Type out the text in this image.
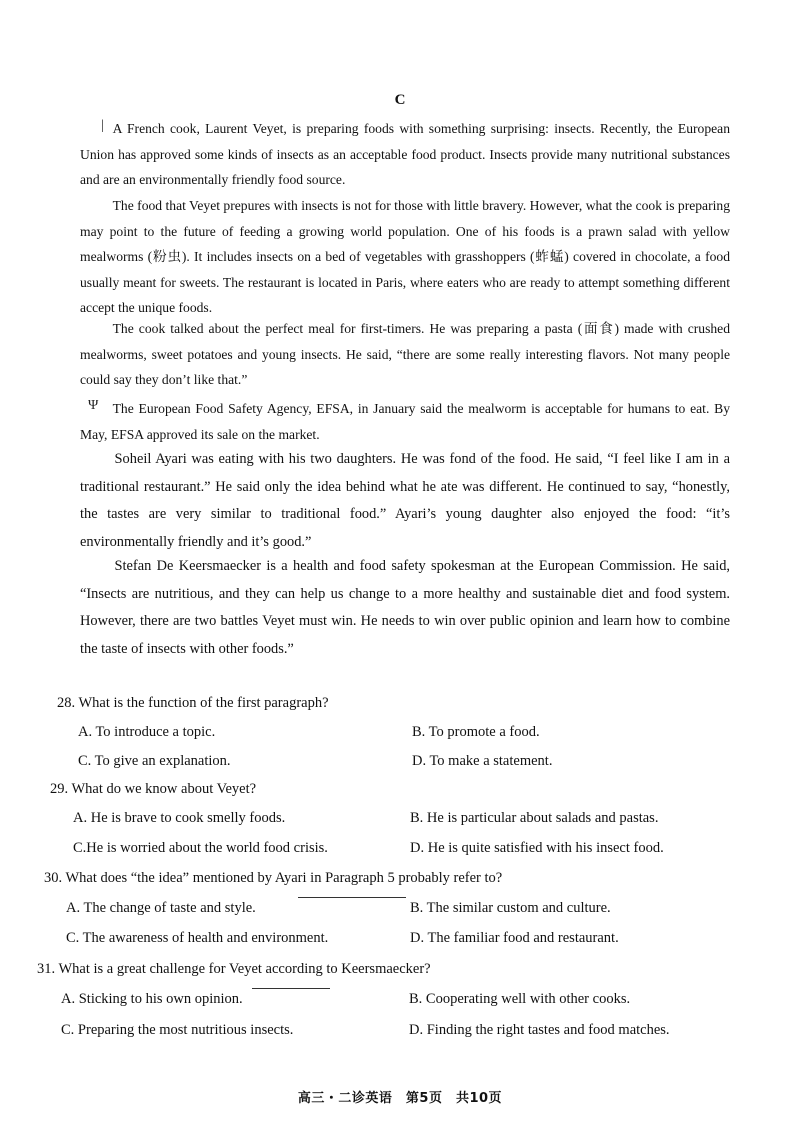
C
|
Ψ

A French cook, Laurent Veyet, is preparing foods with something surprising: insects. Recently, the European Union has approved some kinds of insects as an acceptable food product. Insects provide many nutritional substances and are an environmentally friendly food source.

The food that Veyet prepures with insects is not for those with little bravery. However, what the cook is preparing may point to the future of feeding a growing world population. One of his foods is a prawn salad with yellow mealworms (粉虫). It includes insects on a bed of vegetables with grasshoppers (蚱蜢) covered in chocolate, a food usually meant for sweets. The restaurant is located in Paris, where eaters who are ready to attempt something different accept the unique foods.

The cook talked about the perfect meal for first-timers. He was preparing a pasta (面食) made with crushed mealworms, sweet potatoes and young insects. He said, “there are some really interesting flavors. Not many people could say they don’t like that.”

The European Food Safety Agency, EFSA, in January said the mealworm is acceptable for humans to eat. By May, EFSA approved its sale on the market.

Soheil Ayari was eating with his two daughters. He was fond of the food. He said, “I feel like I am in a traditional restaurant.” He said only the idea behind what he ate was different. He continued to say, “honestly, the tastes are very similar to traditional food.” Ayari’s young daughter also enjoyed the food: “it’s environmentally friendly and it’s good.”

Stefan De Keersmaecker is a health and food safety spokesman at the European Commission. He said, “Insects are nutritious, and they can help us change to a more healthy and sustainable diet and food system. However, there are two battles Veyet must win. He needs to win over public opinion and learn how to combine the taste of insects with other foods.”

28. What is the function of the first paragraph?

A. To introduce a topic.	B. To promote a food.
C. To give an explanation.	D. To make a statement.

29. What do we know about Veyet?

A. He is brave to cook smelly foods.	B. He is particular about salads and pastas.
C.He is worried about the world food crisis.	D. He is quite satisfied with his insect food.

30. What does “the idea” mentioned by Ayari in Paragraph 5 probably refer to?

A. The change of taste and style.	B. The similar custom and culture.
C. The awareness of health and environment.	D. The familiar food and restaurant.

31. What is a great challenge for Veyet according to Keersmaecker?

A. Sticking to his own opinion.	B. Cooperating well with other cooks.
C. Preparing the most nutritious insects.	D. Finding the right tastes and food matches.
高三・二诊英语　第5页　共10页
